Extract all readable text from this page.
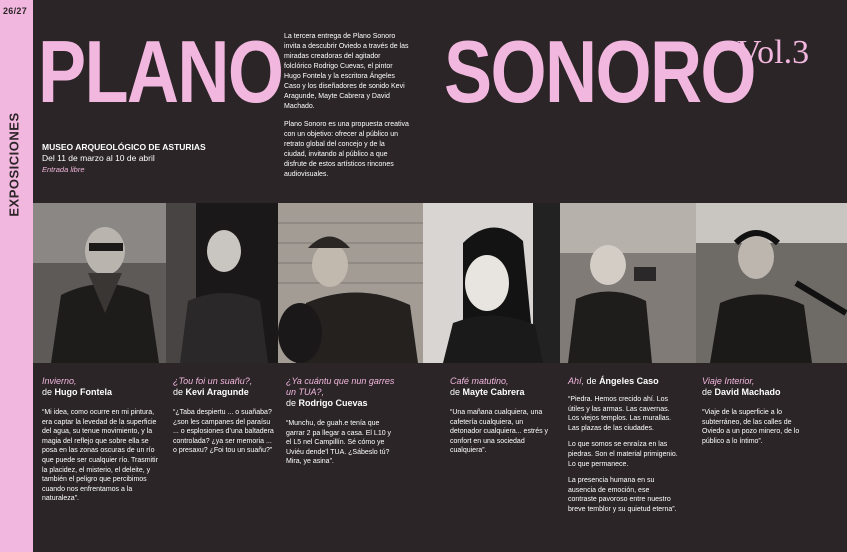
26/27
EXPOSICIONES
PLANO SONORO
Vol.3
MUSEO ARQUEOLÓGICO DE ASTURIAS
Del 11 de marzo al 10 de abril
Entrada libre

La tercera entrega de Plano Sonoro invita a descubrir Oviedo a través de las miradas creadoras del agitador folclórico Rodrigo Cuevas, el pintor Hugo Fontela y la escritora Ángeles Caso y los diseñadores de sonido Kevi Aragunde, Mayte Cabrera y David Machado.

Plano Sonoro es una propuesta creativa con un objetivo: ofrecer al público un retrato global del concejo y de la ciudad, invitando al público a que disfrute de estos artísticos rincones audiovisuales.

Invierno,

de Hugo Fontela

“Mi idea, como ocurre en mi pintura, era captar la levedad de la superficie del agua, su tenue movimiento, y la magia del reflejo que sobre ella se posa en las zonas oscuras de un río que puede ser cualquier río. Trasmitir la placidez, el misterio, el deleite, y también el peligro que percibimos cuando nos enfrentamos a la naturaleza”.

¿Tou foi un suañu?,

de Kevi Aragunde

“¿Taba despiertu ... o suañaba? ¿son les campanes del paraísu ... o esplosiones d’una baltadera controlada? ¿ya ser memoria ... o presaxu? ¿Foi tou un suañu?”

¿Ya cuántu que nun garres un TUA?,

de Rodrigo Cuevas

“Munchu, de guah.e tenía que garrar 2 pa llegar a casa. El L10 y el L5 nel Campillín. Sé cómo ye Uviéu dende’l TUA. ¿Sábeslo tú? Mira, ye asina”.

Café matutino,

de Mayte Cabrera

“Una mañana cualquiera, una cafetería cualquiera, un detonador cualquiera... estrés y confort en una sociedad cualquiera”.

Ahí, de Ángeles Caso

“Piedra. Hemos crecido ahí. Los útiles y las armas. Las cavernas. Los viejos templos. Las murallas. Las plazas de las ciudades.

Lo que somos se enraíza en las piedras. Son el material primigenio. Lo que permanece.

La presencia humana en su ausencia de emoción, ese contraste pavoroso entre nuestro breve temblor y su quietud eterna”.

Viaje Interior,

de David Machado

“Viaje de la superficie a lo subterráneo, de las calles de Oviedo a un pozo minero, de lo público a lo íntimo”.
